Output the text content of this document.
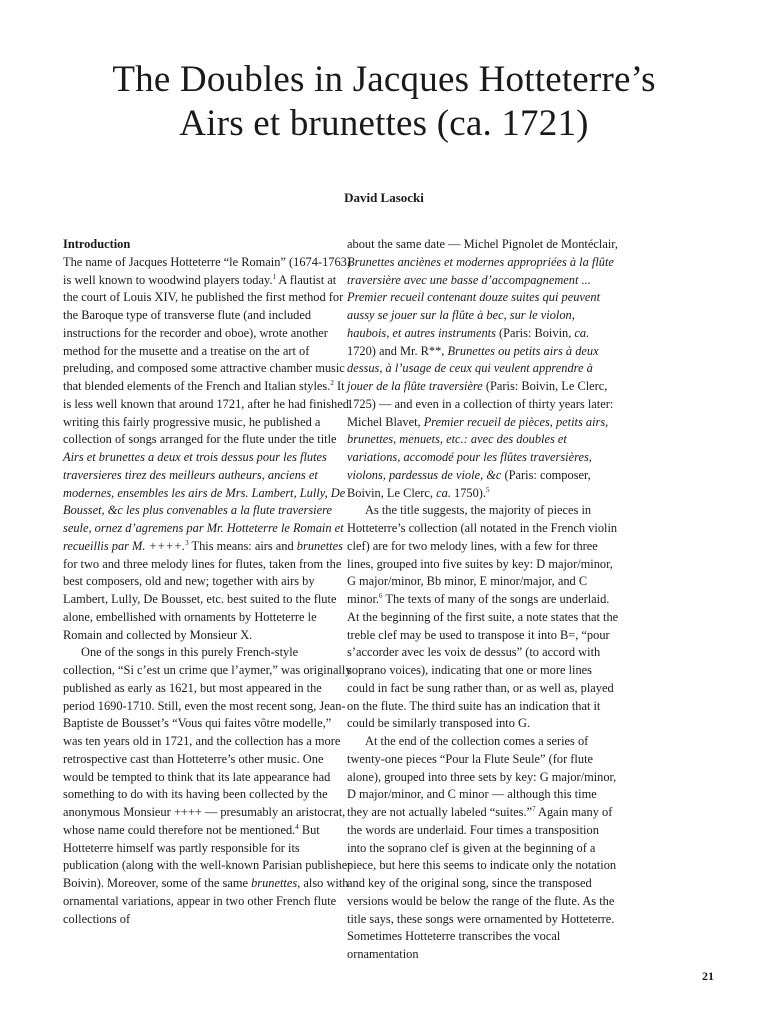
The Doubles in Jacques Hotteterre’s
Airs et brunettes (ca. 1721)
David Lasocki

Introduction

The name of Jacques Hotteterre “le Romain” (1674-1763) is well known to woodwind players today.$^1$ A flautist at the court of Louis XIV, he published the first method for the Baroque type of transverse flute (and included instructions for the recorder and oboe), wrote another method for the musette and a treatise on the art of preluding, and composed some attractive chamber music that blended elements of the French and Italian styles.$^2$ It is less well known that around 1721, after he had finished writing this fairly progressive music, he published a collection of songs arranged for the flute under the title Airs et brunettes a deux et trois dessus pour les flutes traversieres tirez des meilleurs autheurs, anciens et modernes, ensembles les airs de Mrs. Lambert, Lully, De Bousset, &c les plus convenables a la flute traversiere seule, ornez d’agremens par Mr. Hotteterre le Romain et recueillis par M. ++++.$^3$ This means: airs and brunettes for two and three melody lines for flutes, taken from the best composers, old and new; together with airs by Lambert, Lully, De Bousset, etc. best suited to the flute alone, embellished with ornaments by Hotteterre le Romain and collected by Monsieur X.

One of the songs in this purely French-style collection, “Si c’est un crime que l’aymer,” was originally published as early as 1621, but most appeared in the period 1690-1710. Still, even the most recent song, Jean-Baptiste de Bousset’s “Vous qui faites vôtre modelle,” was ten years old in 1721, and the collection has a more retrospective cast than Hotteterre’s other music. One would be tempted to think that its late appearance had something to do with its having been collected by the anonymous Monsieur ++++ — presumably an aristocrat, whose name could therefore not be mentioned.$^4$ But Hotteterre himself was partly responsible for its publication (along with the well-known Parisian publisher Boivin). Moreover, some of the same brunettes, also with ornamental variations, appear in two other French flute collections of

about the same date — Michel Pignolet de Montéclair, Brunettes anciènes et modernes appropriées à la flûte traversière avec une basse d’accompagnement ... Premier recueil contenant douze suites qui peuvent aussy se jouer sur la flûte à bec, sur le violon, haubois, et autres instruments (Paris: Boivin, ca. 1720) and Mr. R**, Brunettes ou petits airs à deux dessus, à l’usage de ceux qui veulent apprendre à jouer de la flûte traversière (Paris: Boivin, Le Clerc, 1725) — and even in a collection of thirty years later: Michel Blavet, Premier recueil de pièces, petits airs, brunettes, menuets, etc.: avec des doubles et variations, accomodé pour les flûtes traversières, violons, pardessus de viole, &c (Paris: composer, Boivin, Le Clerc, ca. 1750).$^5$

As the title suggests, the majority of pieces in Hotteterre’s collection (all notated in the French violin clef) are for two melody lines, with a few for three lines, grouped into five suites by key: D major/minor, G major/minor, Bb minor, E minor/major, and C minor.$^6$ The texts of many of the songs are underlaid. At the beginning of the first suite, a note states that the treble clef may be used to transpose it into B=, “pour s’accorder avec les voix de dessus” (to accord with soprano voices), indicating that one or more lines could in fact be sung rather than, or as well as, played on the flute. The third suite has an indication that it could be similarly transposed into G.

At the end of the collection comes a series of twenty-one pieces “Pour la Flute Seule” (for flute alone), grouped into three sets by key: G major/minor, D major/minor, and C minor — although this time they are not actually labeled “suites.”$^7$ Again many of the words are underlaid. Four times a transposition into the soprano clef is given at the beginning of a piece, but here this seems to indicate only the notation and key of the original song, since the transposed versions would be below the range of the flute. As the title says, these songs were ornamented by Hotteterre. Sometimes Hotteterre transcribes the vocal ornamentation

21
